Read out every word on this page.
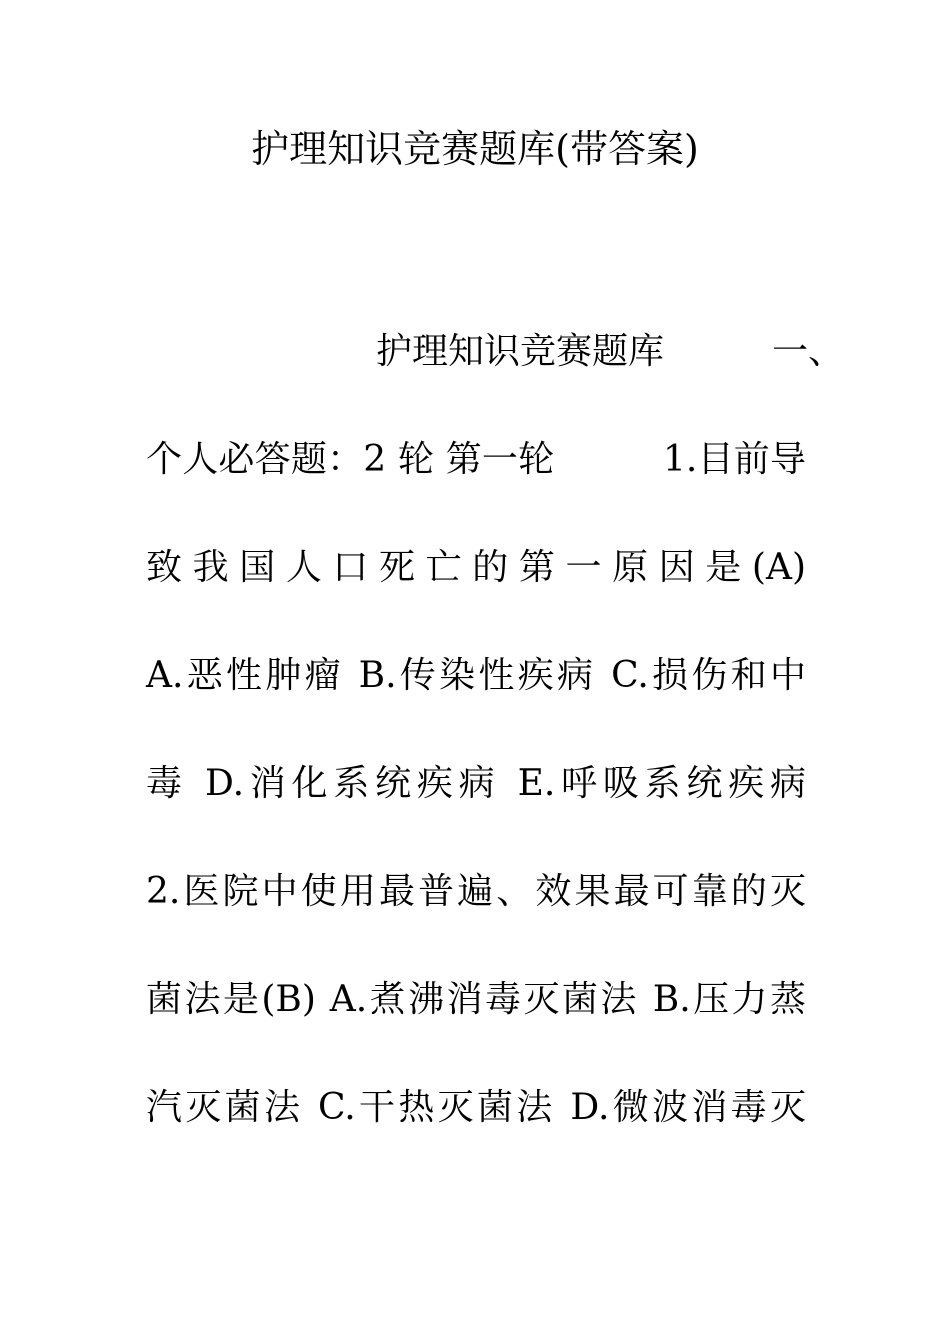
护理知识竞赛题库(带答案)
护理知识竞赛题库　　　一、
个人必答题：2 轮 第一轮　　　1.目前导
致我国人口死亡的第一原因是(A)
A.恶性肿瘤 B.传染性疾病 C.损伤和中
毒 D.消化系统疾病 E.呼吸系统疾病
2.医院中使用最普遍、效果最可靠的灭
菌法是(B) A.煮沸消毒灭菌法 B.压力蒸
汽灭菌法 C.干热灭菌法 D.微波消毒灭
